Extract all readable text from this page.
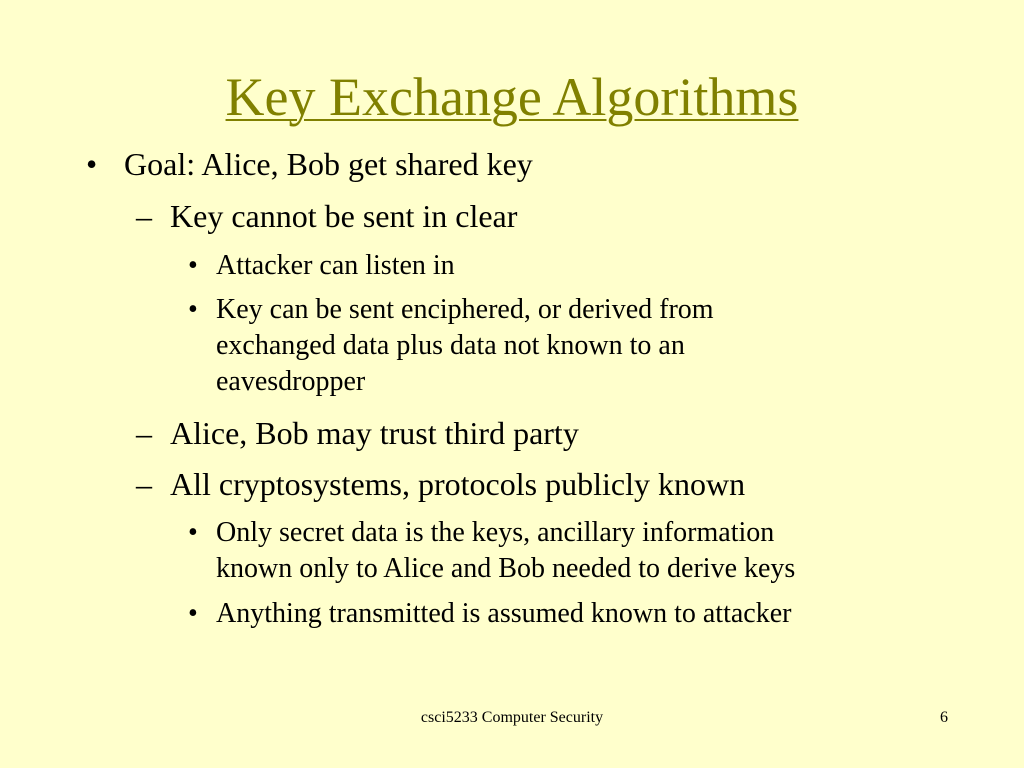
Key Exchange Algorithms
• Goal: Alice, Bob get shared key
– Key cannot be sent in clear
• Attacker can listen in
• Key can be sent enciphered, or derived from
exchanged data plus data not known to an
eavesdropper
– Alice, Bob may trust third party
– All cryptosystems, protocols publicly known
• Only secret data is the keys, ancillary information
known only to Alice and Bob needed to derive keys
• Anything transmitted is assumed known to attacker
csci5233 Computer Security	6
